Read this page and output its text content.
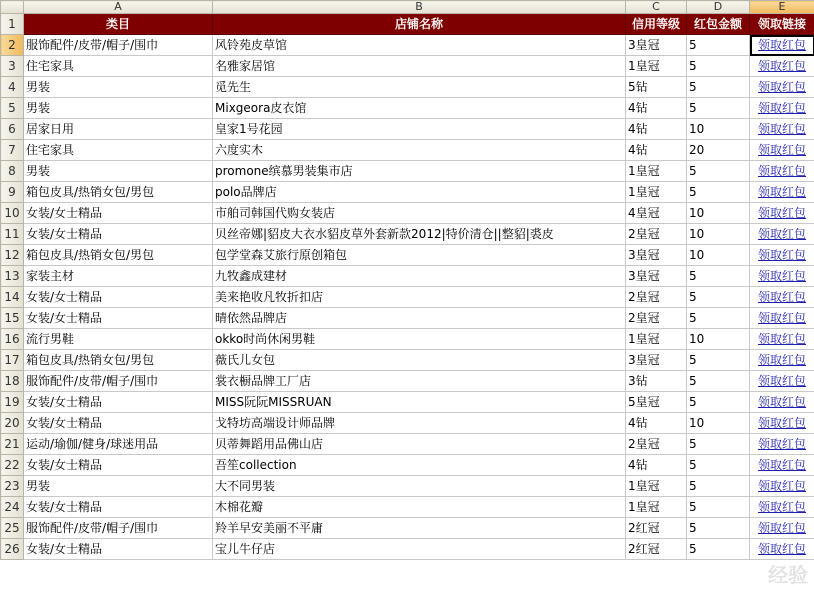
	A	B	C	D	E
1	类目	店铺名称	信用等级	红包金额	领取链接
2	服饰配件/皮带/帽子/围巾	风铃苑皮草馆	3皇冠	5	领取红包
3	住宅家具	名雅家居馆	1皇冠	5	领取红包
4	男装	觅先生	5钻	5	领取红包
5	男装	Mixgeora皮衣馆	4钻	5	领取红包
6	居家日用	皇家1号花园	4钻	10	领取红包
7	住宅家具	六度实木	4钻	20	领取红包
8	男装	promone缤慕男装集市店	1皇冠	5	领取红包
9	箱包皮具/热销女包/男包	polo品牌店	1皇冠	5	领取红包
10	女装/女士精品	市舶司韩国代购女装店	4皇冠	10	领取红包
11	女装/女士精品	贝丝帝娜|貂皮大衣水貂皮草外套新款2012|特价清仓||整貂|裘皮	2皇冠	10	领取红包
12	箱包皮具/热销女包/男包	包学堂森艾旅行原创箱包	3皇冠	10	领取红包
13	家装主材	九牧鑫成建材	3皇冠	5	领取红包
14	女装/女士精品	美来艳收凡牧折扣店	2皇冠	5	领取红包
15	女装/女士精品	晴依然品牌店	2皇冠	5	领取红包
16	流行男鞋	okko时尚休闲男鞋	1皇冠	10	领取红包
17	箱包皮具/热销女包/男包	薇氏儿女包	3皇冠	5	领取红包
18	服饰配件/皮带/帽子/围巾	裳衣橱品牌工厂店	3钻	5	领取红包
19	女装/女士精品	MISS阮阮MISSRUAN	5皇冠	5	领取红包
20	女装/女士精品	戈特坊高端设计师品牌	4钻	10	领取红包
21	运动/瑜伽/健身/球迷用品	贝蒂舞蹈用品佛山店	2皇冠	5	领取红包
22	女装/女士精品	吾笙collection	4钻	5	领取红包
23	男装	大不同男装	1皇冠	5	领取红包
24	女装/女士精品	木棉花瓣	1皇冠	5	领取红包
25	服饰配件/皮带/帽子/围巾	羚羊早安美丽不平庸	2红冠	5	领取红包
26	女装/女士精品	宝儿牛仔店	2红冠	5	领取红包
经验
